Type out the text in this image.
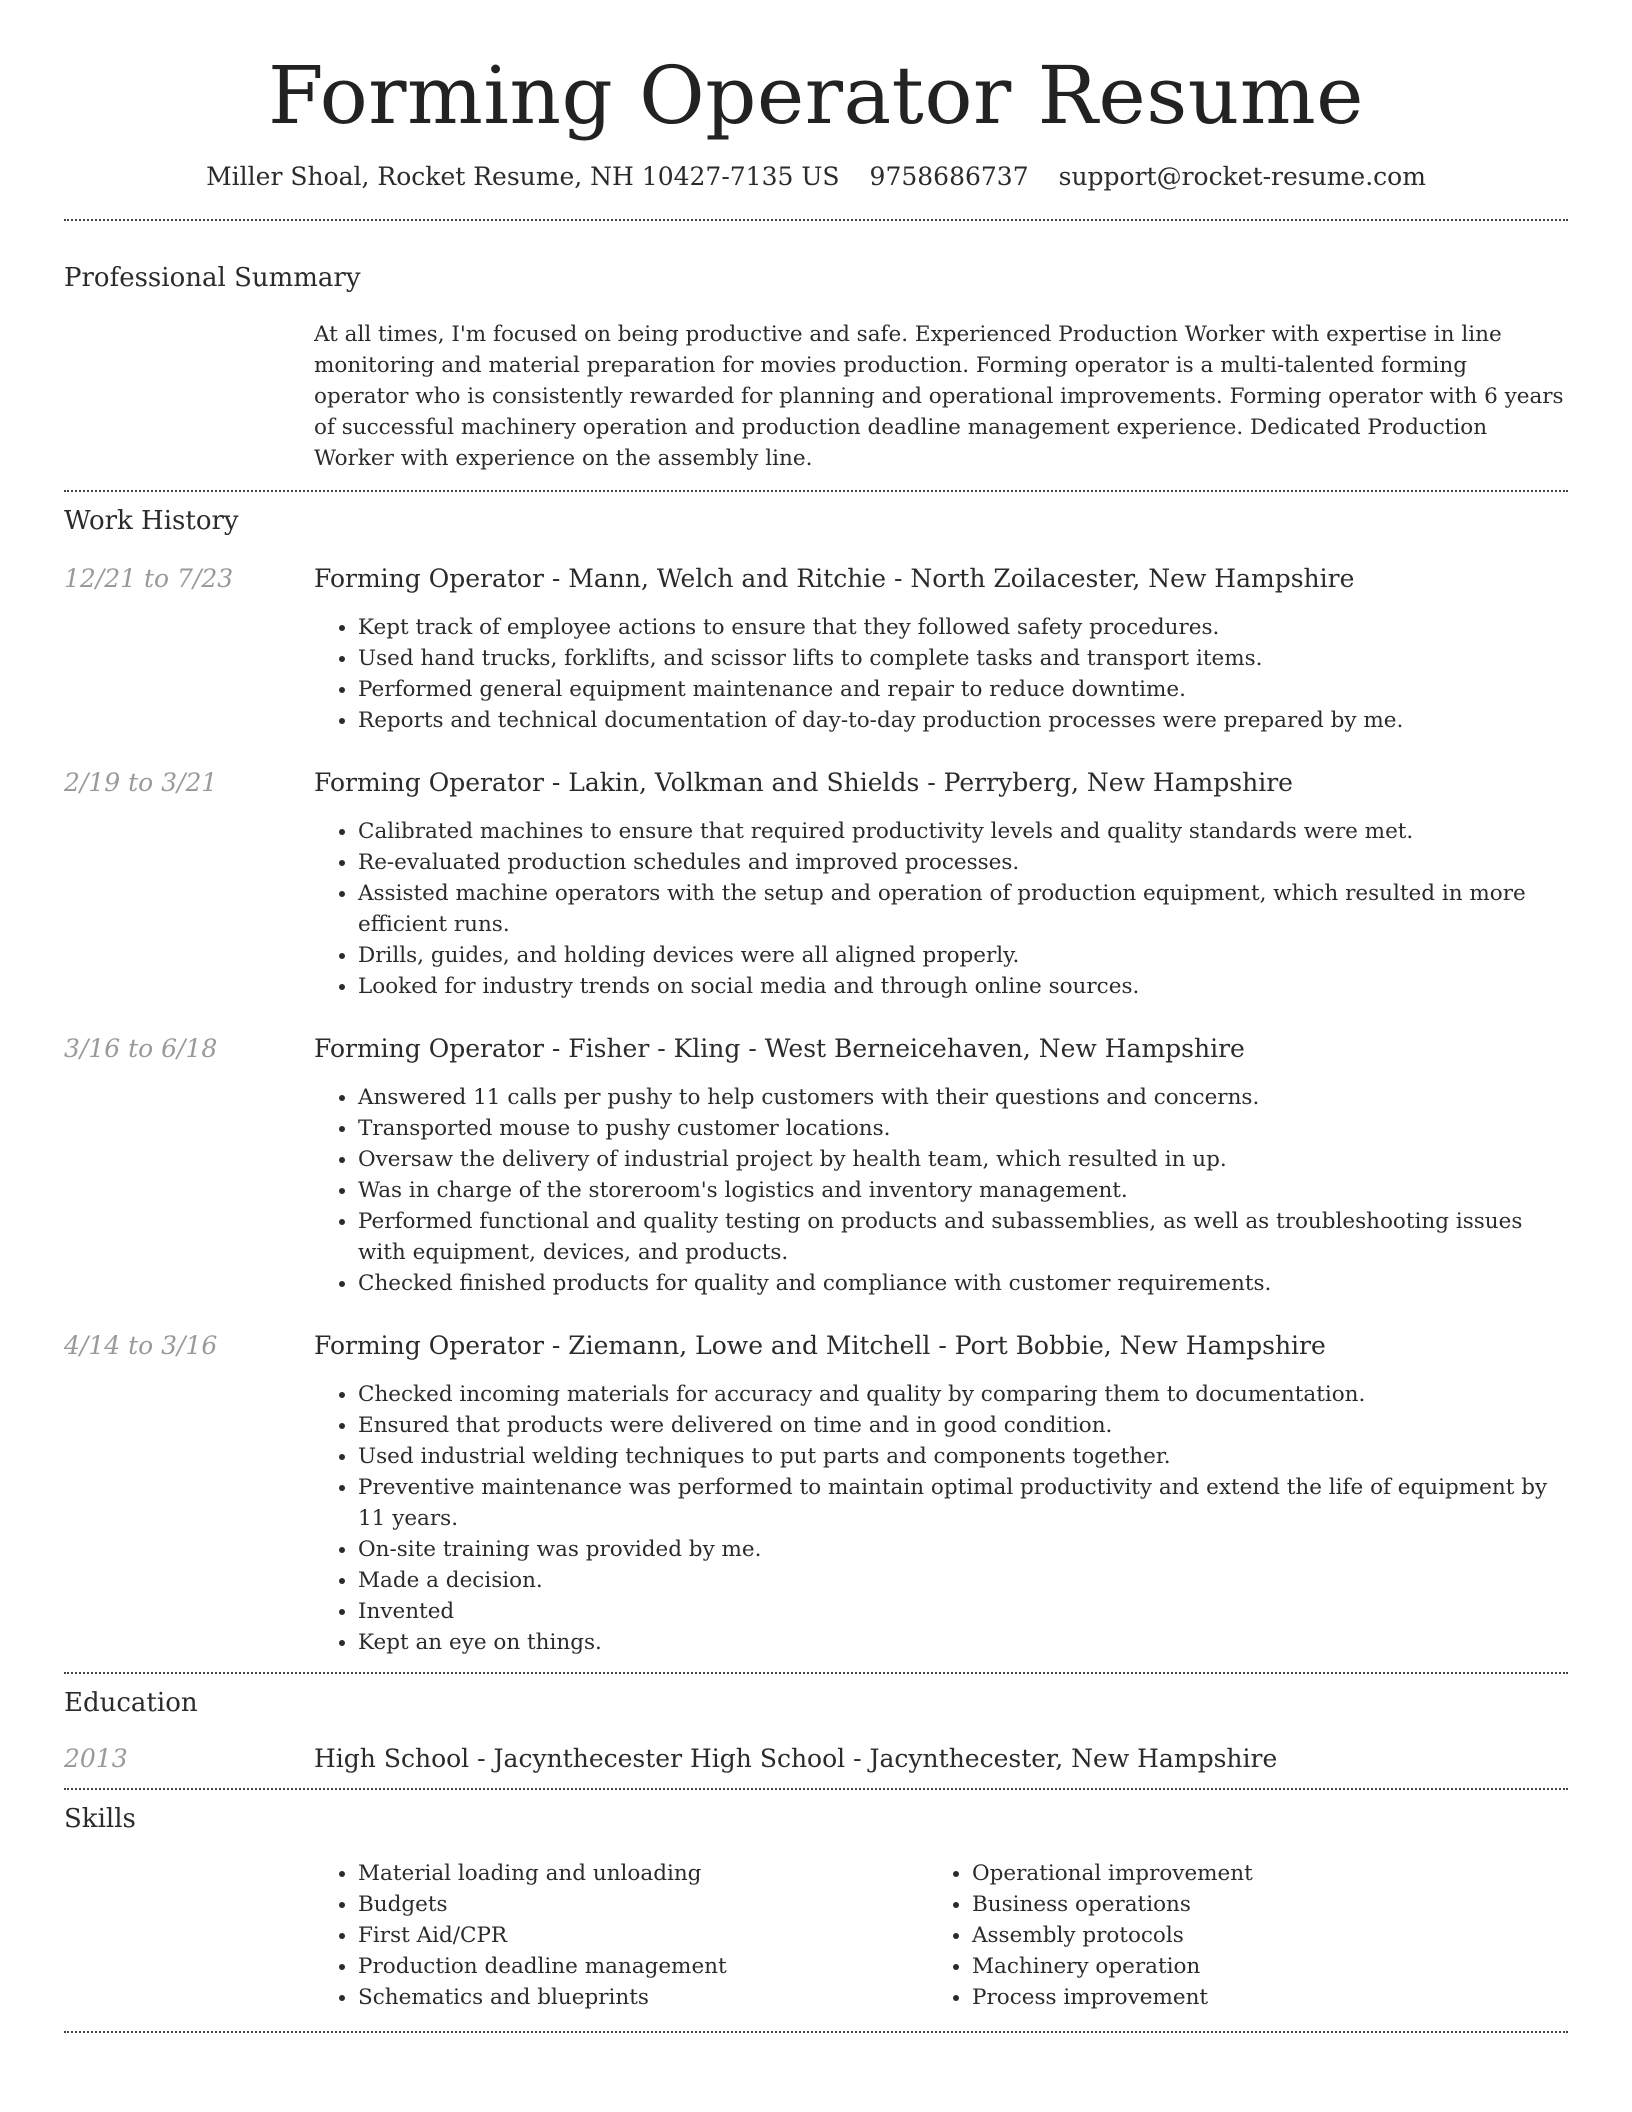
Forming Operator Resume
Miller Shoal, Rocket Resume, NH 10427-7135 US 9758686737 support@rocket-resume.com
Professional Summary
At all times, I'm focused on being productive and safe. Experienced Production Worker with expertise in line monitoring and material preparation for movies production. Forming operator is a multi-talented forming operator who is consistently rewarded for planning and operational improvements. Forming operator with 6 years of successful machinery operation and production deadline management experience. Dedicated Production Worker with experience on the assembly line.
Work History
12/21 to 7/23	Forming Operator - Mann, Welch and Ritchie - North Zoilacester, New Hampshire
• Kept track of employee actions to ensure that they followed safety procedures.
• Used hand trucks, forklifts, and scissor lifts to complete tasks and transport items.
• Performed general equipment maintenance and repair to reduce downtime.
• Reports and technical documentation of day-to-day production processes were prepared by me.
2/19 to 3/21	Forming Operator - Lakin, Volkman and Shields - Perryberg, New Hampshire
• Calibrated machines to ensure that required productivity levels and quality standards were met.
• Re-evaluated production schedules and improved processes.
• Assisted machine operators with the setup and operation of production equipment, which resulted in more efficient runs.
• Drills, guides, and holding devices were all aligned properly.
• Looked for industry trends on social media and through online sources.
3/16 to 6/18	Forming Operator - Fisher - Kling - West Berneicehaven, New Hampshire
• Answered 11 calls per pushy to help customers with their questions and concerns.
• Transported mouse to pushy customer locations.
• Oversaw the delivery of industrial project by health team, which resulted in up.
• Was in charge of the storeroom's logistics and inventory management.
• Performed functional and quality testing on products and subassemblies, as well as troubleshooting issues with equipment, devices, and products.
• Checked finished products for quality and compliance with customer requirements.
4/14 to 3/16	Forming Operator - Ziemann, Lowe and Mitchell - Port Bobbie, New Hampshire
• Checked incoming materials for accuracy and quality by comparing them to documentation.
• Ensured that products were delivered on time and in good condition.
• Used industrial welding techniques to put parts and components together.
• Preventive maintenance was performed to maintain optimal productivity and extend the life of equipment by 11 years.
• On-site training was provided by me.
• Made a decision.
• Invented
• Kept an eye on things.
Education
2013	High School - Jacynthecester High School - Jacynthecester, New Hampshire
Skills
• Material loading and unloading
• Budgets
• First Aid/CPR
• Production deadline management
• Schematics and blueprints
• Operational improvement
• Business operations
• Assembly protocols
• Machinery operation
• Process improvement
